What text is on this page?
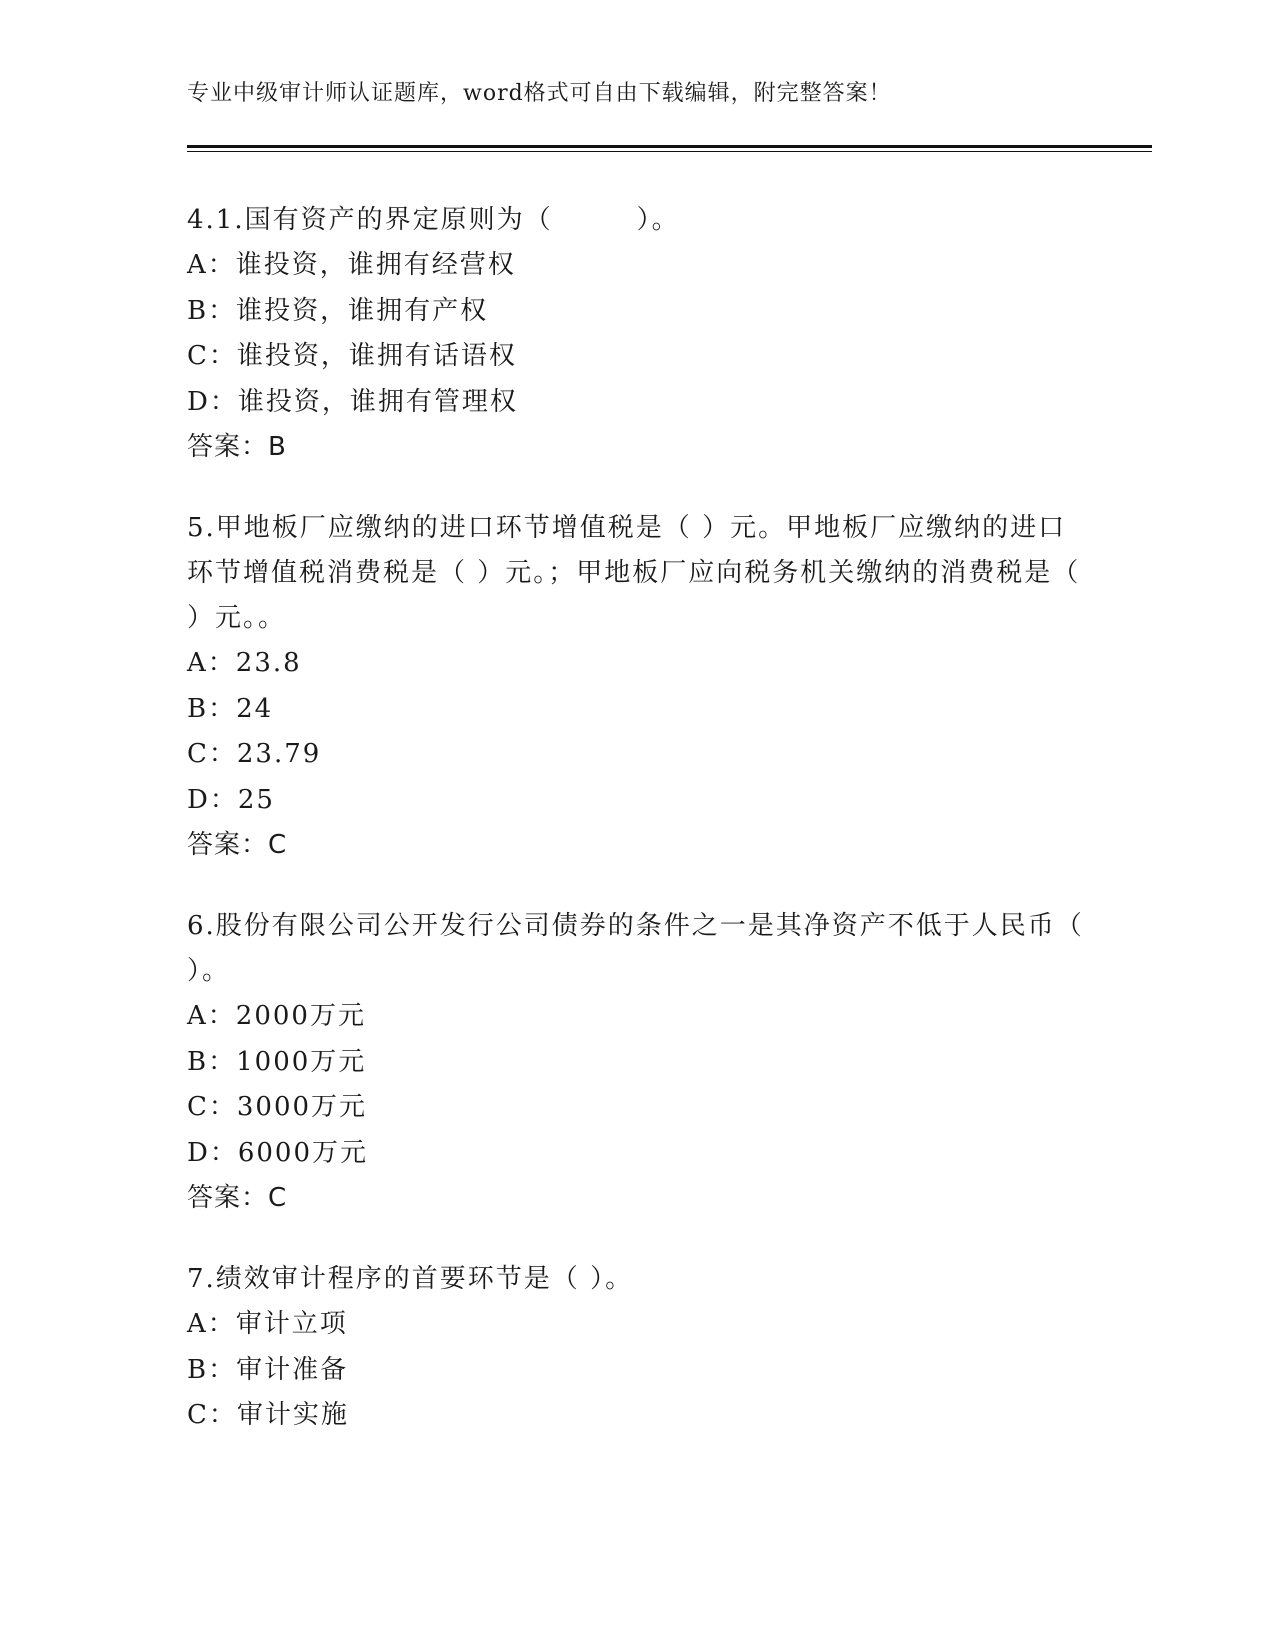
专业中级审计师认证题库，word格式可自由下载编辑，附完整答案！

4.1.国有资产的界定原则为（　　　）。

A：谁投资，谁拥有经营权

B：谁投资，谁拥有产权

C：谁投资，谁拥有话语权

D：谁投资，谁拥有管理权

答案：B

5.甲地板厂应缴纳的进口环节增值税是（ ）元。甲地板厂应缴纳的进口环节增值税消费税是（ ）元。；甲地板厂应向税务机关缴纳的消费税是（ ）元。。

A：23.8

B：24

C：23.79

D：25

答案：C

6.股份有限公司公开发行公司债券的条件之一是其净资产不低于人民币（　 ）。

A：2000万元

B：1000万元

C：3000万元

D：6000万元

答案：C

7.绩效审计程序的首要环节是（ ）。

A：审计立项

B：审计准备

C：审计实施
